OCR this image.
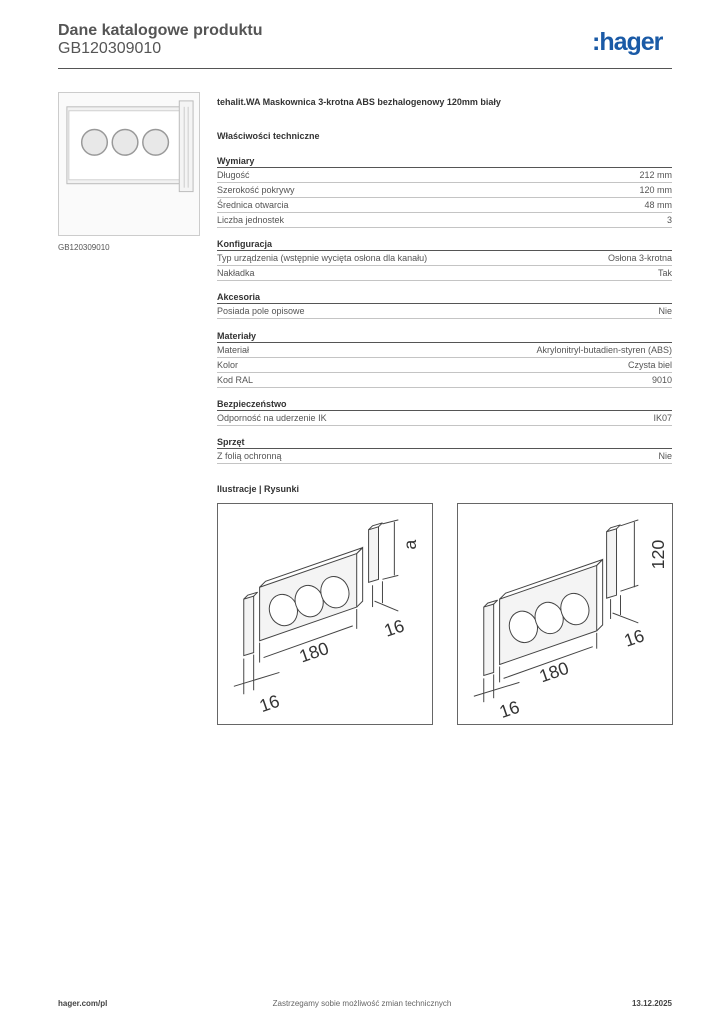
Dane katalogowe produktu
GB120309010	:hager
GB120309010
tehalit.WA Maskownica 3-krotna ABS bezhalogenowy 120mm biały
Właściwości techniczne
Wymiary
Długość	212 mm
Szerokość pokrywy	120 mm
Średnica otwarcia	48 mm
Liczba jednostek	3
Konfiguracja
Typ urządzenia (wstępnie wycięta osłona dla kanału)	Osłona 3-krotna
Nakładka	Tak
Akcesoria
Posiada pole opisowe	Nie
Materiały
Materiał	Akrylonitryl-butadien-styren (ABS)
Kolor	Czysta biel
Kod RAL	9010
Bezpieczeństwo
Odporność na uderzenie IK	IK07
Sprzęt
Z folią ochronną	Nie
Ilustracje | Rysunki
a
180
16
16
120
180
16
16
hager.com/pl	Zastrzegamy sobie możliwość zmian technicznych	13.12.2025
